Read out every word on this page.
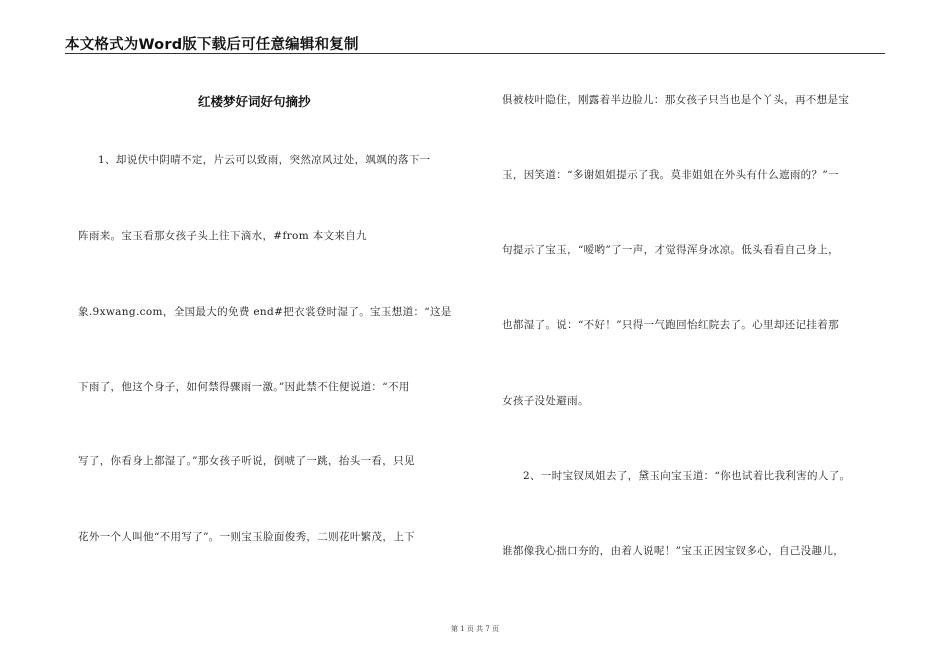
本文格式为Word版下载后可任意编辑和复制
红楼梦好词好句摘抄
1、却说伏中阴晴不定，片云可以致雨，突然凉风过处，飒飒的落下一
阵雨来。宝玉看那女孩子头上往下滴水，#from 本文来自九
象.9xwang.com，全国最大的免费 end#把衣裳登时湿了。宝玉想道：“这是
下雨了，他这个身子，如何禁得骤雨一激。”因此禁不住便说道：“不用
写了，你看身上都湿了。”那女孩子听说，倒唬了一跳，抬头一看，只见
花外一个人叫他“不用写了”。一则宝玉脸面俊秀，二则花叶繁茂，上下
俱被枝叶隐住，刚露着半边脸儿：那女孩子只当也是个丫头，再不想是宝
玉，因笑道：“多谢姐姐提示了我。莫非姐姐在外头有什么遮雨的？”一
句提示了宝玉，“嗳哟”了一声，才觉得浑身冰凉。低头看看自己身上，
也都湿了。说：“不好！”只得一气跑回怡红院去了。心里却还记挂着那
女孩子没处避雨。
2、一时宝钗凤姐去了，黛玉向宝玉道：“你也试着比我利害的人了。
谁都像我心拙口夯的，由着人说呢！”宝玉正因宝钗多心，自己没趣儿，
第 1 页 共 7 页
